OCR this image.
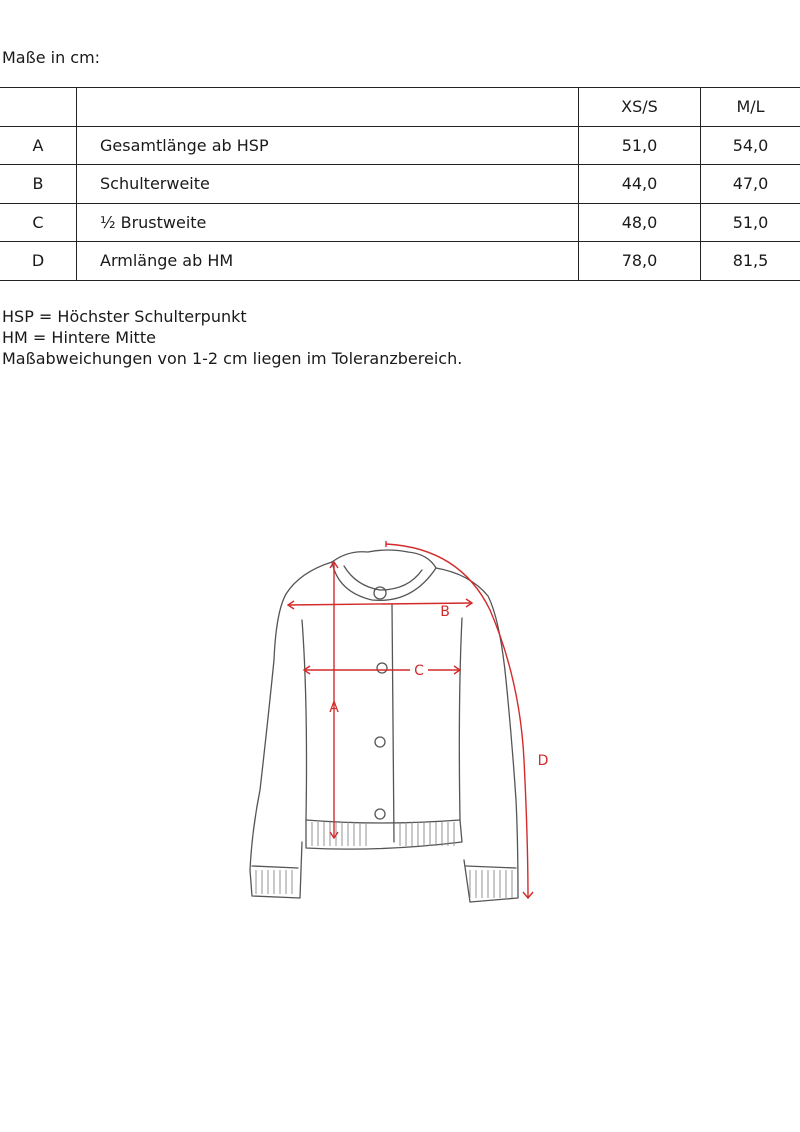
Maße in cm:
		XS/S	M/L
A	Gesamtlänge ab HSP	51,0	54,0
B	Schulterweite	44,0	47,0
C	½ Brustweite	48,0	51,0
D	Armlänge ab HM	78,0	81,5
HSP = Höchster Schulterpunkt
HM = Hintere Mitte
Maßabweichungen von 1-2 cm liegen im Toleranzbereich.
A
B
C
D
